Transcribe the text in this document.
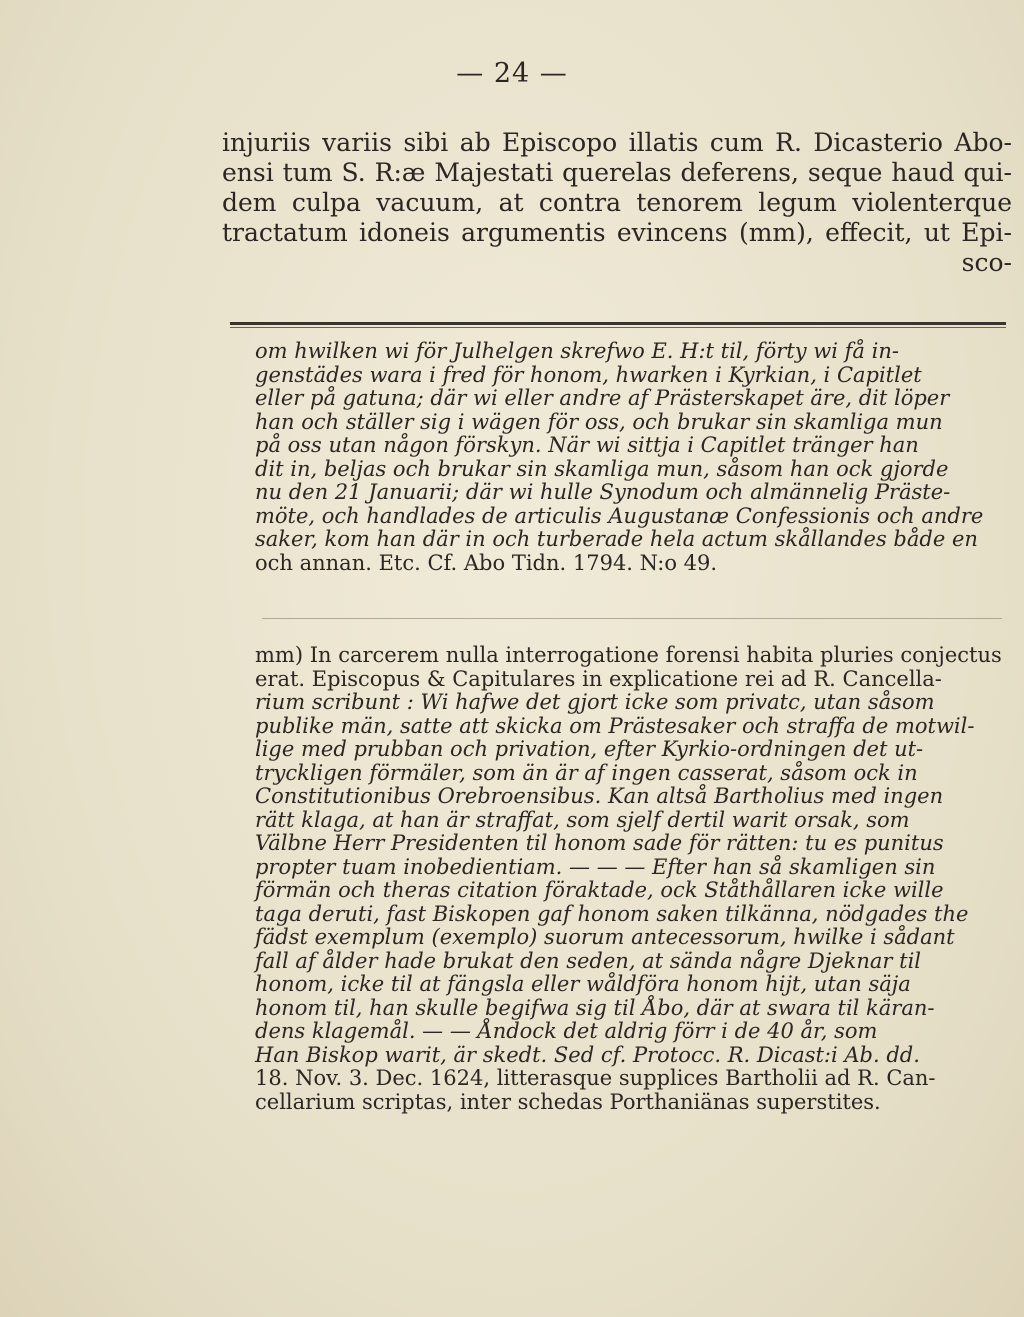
— 24 —
injuriis variis sibi ab Episcopo illatis cum R. Dicasterio Abo-
ensi tum S. R:æ Majestati querelas deferens, seque haud qui-
dem culpa vacuum, at contra tenorem legum violenterque
tractatum idoneis argumentis evincens (mm), effecit, ut Epi-
sco-
om hwilken wi för Julhelgen skrefwo E. H:t til, förty wi få in-
genstädes wara i fred för honom, hwarken i Kyrkian, i Capitlet
eller på gatuna; där wi eller andre af Prästerskapet äre, dit löper
han och ställer sig i wägen för oss, och brukar sin skamliga mun
på oss utan någon förskyn. När wi sittja i Capitlet tränger han
dit in, beljas och brukar sin skamliga mun, såsom han ock gjorde
nu den 21 Januarii; där wi hulle Synodum och almännelig Präste-
möte, och handlades de articulis Augustanæ Confessionis och andre
saker, kom han där in och turberade hela actum skållandes både en
och annan. Etc. Cf. Abo Tidn. 1794. N:o 49.
mm) In carcerem nulla interrogatione forensi habita pluries conjectus
erat. Episcopus & Capitulares in explicatione rei ad R. Cancella-
rium scribunt : Wi hafwe det gjort icke som privatc, utan såsom
publike män, satte att skicka om Prästesaker och straffa de motwil-
lige med prubban och privation, efter Kyrkio-ordningen det ut-
tryckligen förmäler, som än är af ingen casserat, såsom ock in
Constitutionibus Orebroensibus. Kan altså Bartholius med ingen
rätt klaga, at han är straffat, som sjelf dertil warit orsak, som
Välbne Herr Presidenten til honom sade för rätten: tu es punitus
propter tuam inobedientiam. — — — Efter han så skamligen sin
förmän och theras citation föraktade, ock Ståthållaren icke wille
taga deruti, fast Biskopen gaf honom saken tilkänna, nödgades the
fädst exemplum (exemplo) suorum antecessorum, hwilke i sådant
fall af ålder hade brukat den seden, at sända någre Djeknar til
honom, icke til at fängsla eller wåldföra honom hijt, utan säja
honom til, han skulle begifwa sig til Åbo, där at swara til käran-
dens klagemål. — — Åndock det aldrig förr i de 40 år, som
Han Biskop warit, är skedt. Sed cf. Protocc. R. Dicast:i Ab. dd.
18. Nov. 3. Dec. 1624, litterasque supplices Bartholii ad R. Can-
cellarium scriptas, inter schedas Porthaniänas superstites.
